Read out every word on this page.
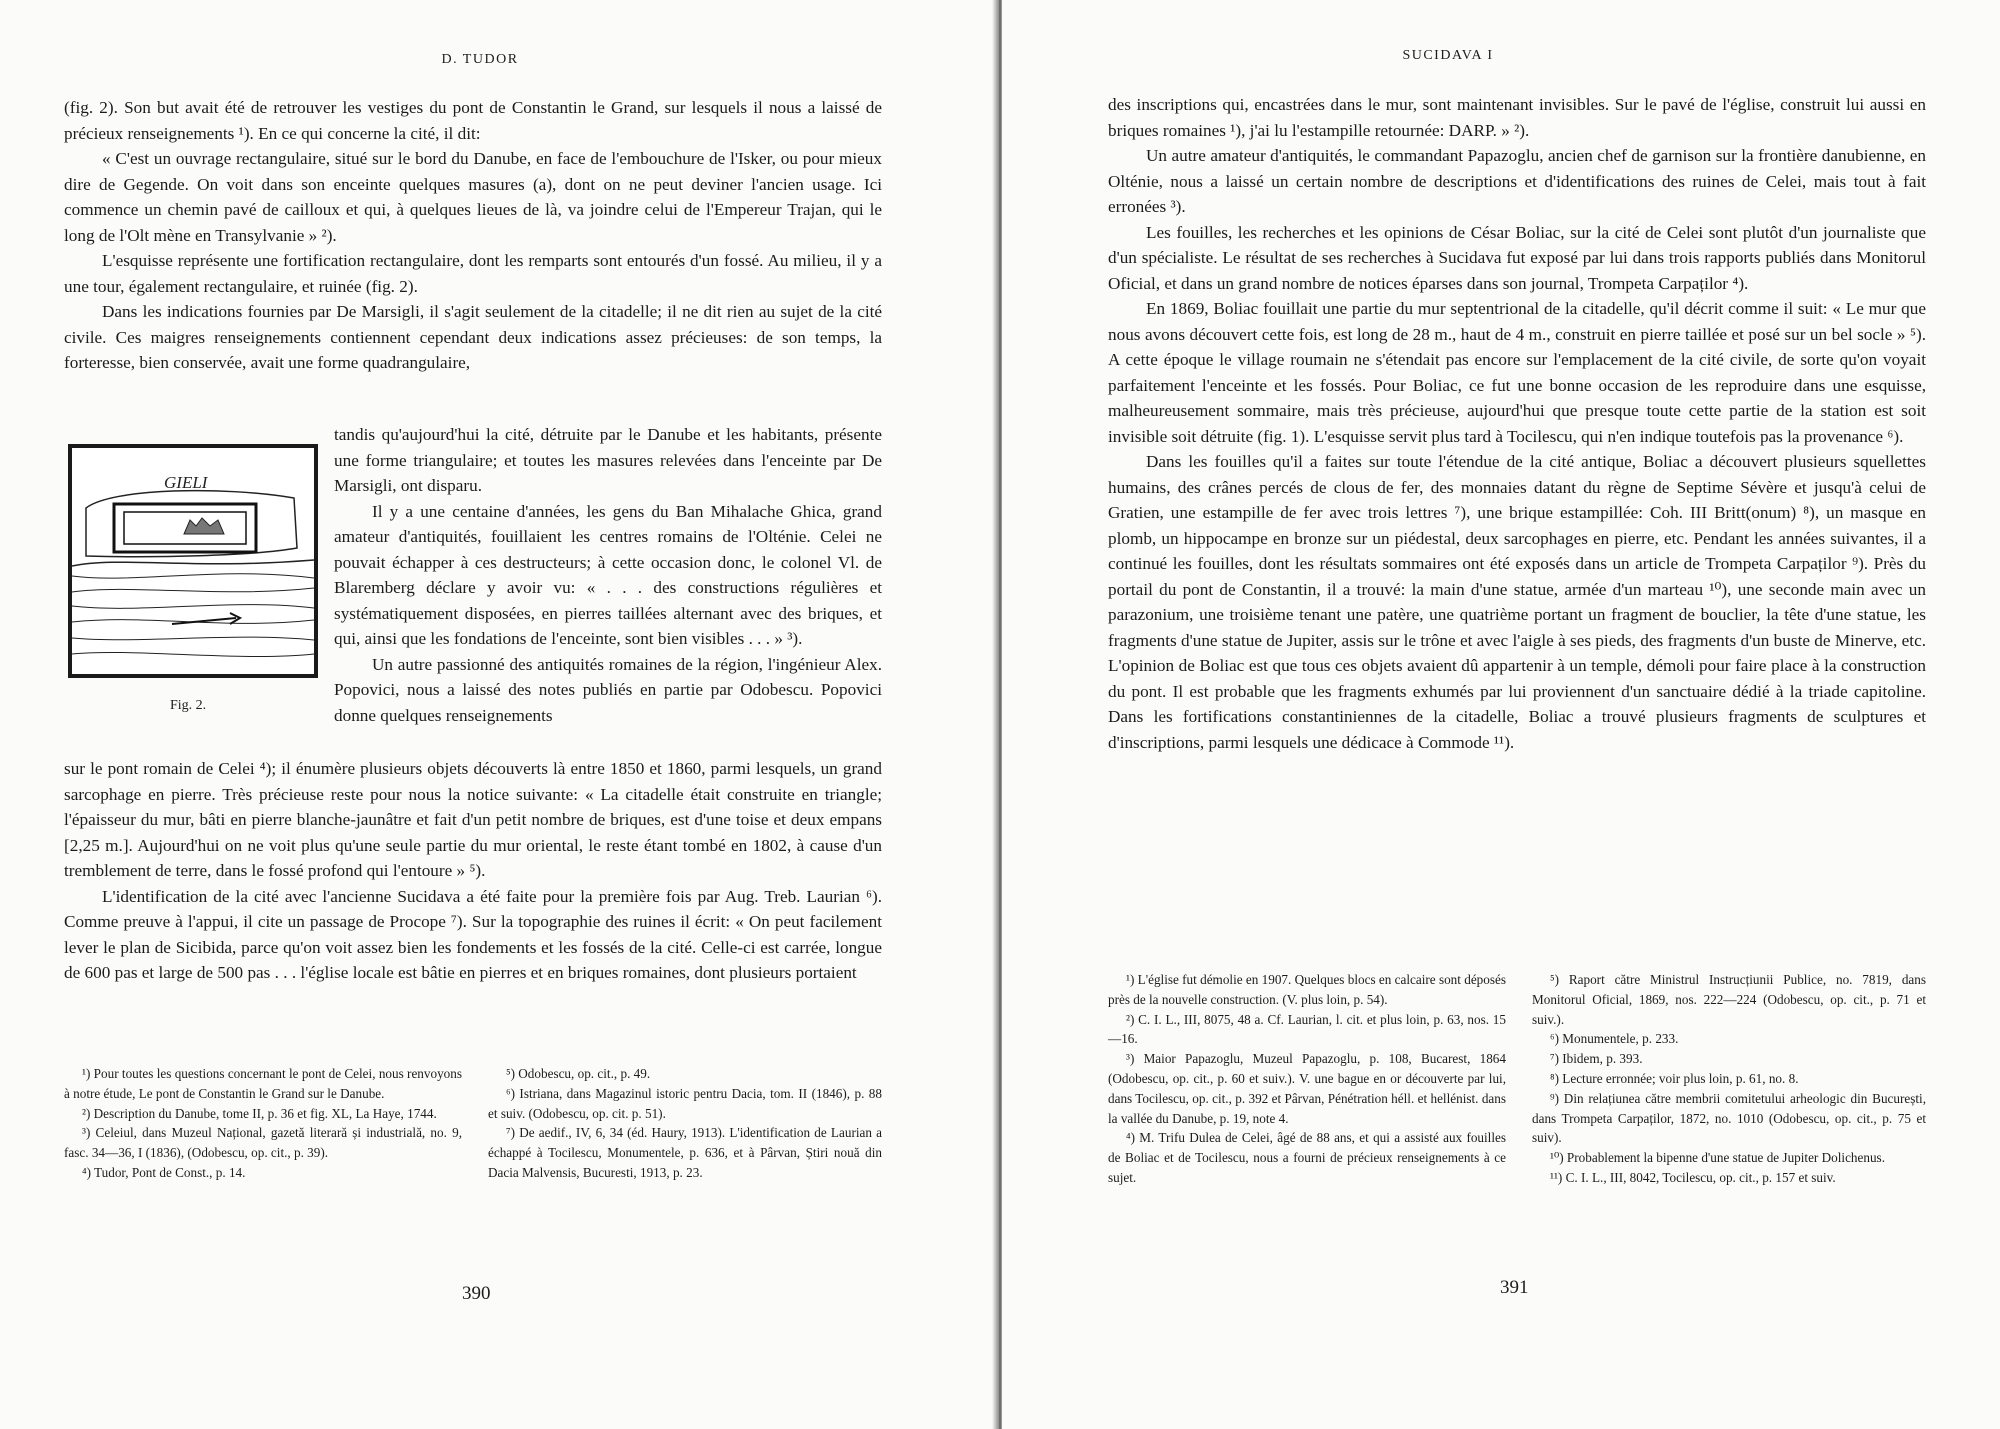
D. TUDOR

(fig. 2). Son but avait été de retrouver les vestiges du pont de Constantin le Grand, sur lesquels il nous a laissé de précieux renseignements ¹). En ce qui concerne la cité, il dit:

« C'est un ouvrage rectangulaire, situé sur le bord du Danube, en face de l'embouchure de l'Isker, ou pour mieux dire de Gegende. On voit dans son enceinte quelques masures (a), dont on ne peut deviner l'ancien usage. Ici commence un chemin pavé de cailloux et qui, à quelques lieues de là, va joindre celui de l'Empereur Trajan, qui le long de l'Olt mène en Transylvanie » ²).

L'esquisse représente une fortification rectangulaire, dont les remparts sont entourés d'un fossé. Au milieu, il y a une tour, également rectangulaire, et ruinée (fig. 2).

Dans les indications fournies par De Marsigli, il s'agit seulement de la citadelle; il ne dit rien au sujet de la cité civile. Ces maigres renseignements contiennent cependant deux indications assez précieuses: de son temps, la forteresse, bien conservée, avait une forme quadrangulaire,

GIELI
Fig. 2.

tandis qu'aujourd'hui la cité, détruite par le Danube et les habitants, présente une forme triangulaire; et toutes les masures relevées dans l'enceinte par De Marsigli, ont disparu.

Il y a une centaine d'années, les gens du Ban Mihalache Ghica, grand amateur d'antiquités, fouillaient les centres romains de l'Olténie. Celei ne pouvait échapper à ces destructeurs; à cette occasion donc, le colonel Vl. de Blaremberg déclare y avoir vu: « . . . des constructions régulières et systématiquement disposées, en pierres taillées alternant avec des briques, et qui, ainsi que les fondations de l'enceinte, sont bien visibles . . . » ³).

Un autre passionné des antiquités romaines de la région, l'ingénieur Alex. Popovici, nous a laissé des notes publiés en partie par Odobescu. Popovici donne quelques renseignements

sur le pont romain de Celei ⁴); il énumère plusieurs objets découverts là entre 1850 et 1860, parmi lesquels, un grand sarcophage en pierre. Très précieuse reste pour nous la notice suivante: « La citadelle était construite en triangle; l'épaisseur du mur, bâti en pierre blanche-jaunâtre et fait d'un petit nombre de briques, est d'une toise et deux empans [2,25 m.]. Aujourd'hui on ne voit plus qu'une seule partie du mur oriental, le reste étant tombé en 1802, à cause d'un tremblement de terre, dans le fossé profond qui l'entoure » ⁵).

L'identification de la cité avec l'ancienne Sucidava a été faite pour la première fois par Aug. Treb. Laurian ⁶). Comme preuve à l'appui, il cite un passage de Procope ⁷). Sur la topographie des ruines il écrit: « On peut facilement lever le plan de Sicibida, parce qu'on voit assez bien les fondements et les fossés de la cité. Celle-ci est carrée, longue de 600 pas et large de 500 pas . . . l'église locale est bâtie en pierres et en briques romaines, dont plusieurs portaient

¹) Pour toutes les questions concernant le pont de Celei, nous renvoyons à notre étude, Le pont de Constantin le Grand sur le Danube.

²) Description du Danube, tome II, p. 36 et fig. XL, La Haye, 1744.

³) Celeiul, dans Muzeul Național, gazetă literară și industrială, no. 9, fasc. 34—36, I (1836), (Odobescu, op. cit., p. 39).

⁴) Tudor, Pont de Const., p. 14.

⁵) Odobescu, op. cit., p. 49.

⁶) Istriana, dans Magazinul istoric pentru Dacia, tom. II (1846), p. 88 et suiv. (Odobescu, op. cit. p. 51).

⁷) De aedif., IV, 6, 34 (éd. Haury, 1913). L'identification de Laurian a échappé à Tocilescu, Monumentele, p. 636, et à Pârvan, Știri nouă din Dacia Malvensis, Bucuresti, 1913, p. 23.

390
SUCIDAVA I

des inscriptions qui, encastrées dans le mur, sont maintenant invisibles. Sur le pavé de l'église, construit lui aussi en briques romaines ¹), j'ai lu l'estampille retournée: DARP. » ²).

Un autre amateur d'antiquités, le commandant Papazoglu, ancien chef de garnison sur la frontière danubienne, en Olténie, nous a laissé un certain nombre de descriptions et d'identifications des ruines de Celei, mais tout à fait erronées ³).

Les fouilles, les recherches et les opinions de César Boliac, sur la cité de Celei sont plutôt d'un journaliste que d'un spécialiste. Le résultat de ses recherches à Sucidava fut exposé par lui dans trois rapports publiés dans Monitorul Oficial, et dans un grand nombre de notices éparses dans son journal, Trompeta Carpaților ⁴).

En 1869, Boliac fouillait une partie du mur septentrional de la citadelle, qu'il décrit comme il suit: « Le mur que nous avons découvert cette fois, est long de 28 m., haut de 4 m., construit en pierre taillée et posé sur un bel socle » ⁵). A cette époque le village roumain ne s'étendait pas encore sur l'emplacement de la cité civile, de sorte qu'on voyait parfaitement l'enceinte et les fossés. Pour Boliac, ce fut une bonne occasion de les reproduire dans une esquisse, malheureusement sommaire, mais très précieuse, aujourd'hui que presque toute cette partie de la station est soit invisible soit détruite (fig. 1). L'esquisse servit plus tard à Tocilescu, qui n'en indique toutefois pas la provenance ⁶).

Dans les fouilles qu'il a faites sur toute l'étendue de la cité antique, Boliac a découvert plusieurs squellettes humains, des crânes percés de clous de fer, des monnaies datant du règne de Septime Sévère et jusqu'à celui de Gratien, une estampille de fer avec trois lettres ⁷), une brique estampillée: Coh. III Britt(onum) ⁸), un masque en plomb, un hippocampe en bronze sur un piédestal, deux sarcophages en pierre, etc. Pendant les années suivantes, il a continué les fouilles, dont les résultats sommaires ont été exposés dans un article de Trompeta Carpaților ⁹). Près du portail du pont de Constantin, il a trouvé: la main d'une statue, armée d'un marteau ¹⁰), une seconde main avec un parazonium, une troisième tenant une patère, une quatrième portant un fragment de bouclier, la tête d'une statue, les fragments d'une statue de Jupiter, assis sur le trône et avec l'aigle à ses pieds, des fragments d'un buste de Minerve, etc. L'opinion de Boliac est que tous ces objets avaient dû appartenir à un temple, démoli pour faire place à la construction du pont. Il est probable que les fragments exhumés par lui proviennent d'un sanctuaire dédié à la triade capitoline. Dans les fortifications constantiniennes de la citadelle, Boliac a trouvé plusieurs fragments de sculptures et d'inscriptions, parmi lesquels une dédicace à Commode ¹¹).

¹) L'église fut démolie en 1907. Quelques blocs en calcaire sont déposés près de la nouvelle construction. (V. plus loin, p. 54).

²) C. I. L., III, 8075, 48 a. Cf. Laurian, l. cit. et plus loin, p. 63, nos. 15—16.

³) Maior Papazoglu, Muzeul Papazoglu, p. 108, Bucarest, 1864 (Odobescu, op. cit., p. 60 et suiv.). V. une bague en or découverte par lui, dans Tocilescu, op. cit., p. 392 et Pârvan, Pénétration héll. et hellénist. dans la vallée du Danube, p. 19, note 4.

⁴) M. Trifu Dulea de Celei, âgé de 88 ans, et qui a assisté aux fouilles de Boliac et de Tocilescu, nous a fourni de précieux renseignements à ce sujet.

⁵) Raport către Ministrul Instrucțiunii Publice, no. 7819, dans Monitorul Oficial, 1869, nos. 222—224 (Odobescu, op. cit., p. 71 et suiv.).

⁶) Monumentele, p. 233.

⁷) Ibidem, p. 393.

⁸) Lecture erronnée; voir plus loin, p. 61, no. 8.

⁹) Din relațiunea către membrii comitetului arheologic din București, dans Trompeta Carpaților, 1872, no. 1010 (Odobescu, op. cit., p. 75 et suiv).

¹⁰) Probablement la bipenne d'une statue de Jupiter Dolichenus.

¹¹) C. I. L., III, 8042, Tocilescu, op. cit., p. 157 et suiv.

391
